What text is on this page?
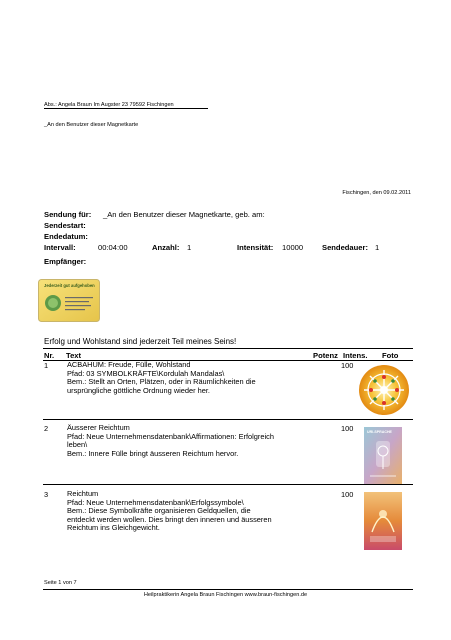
Abs.: Angela Braun Im Augster 23 79592 Fischingen
_An den Benutzer dieser Magnetkarte
Fischingen, den 09.02.2011
Sendung für: _An den Benutzer dieser Magnetkarte, geb. am:
Sendestart:
Endedatum:
Intervall:	00:04:00	Anzahl: 1	Intensität: 10000 Sendedauer: 1
Empfänger:
Jederzeit gut aufgehoben
Erfolg und Wohlstand sind jederzeit Teil meines Seins!
Nr. Text	Potenz Intens. Foto
1	ACBAHUM: Freude, Fülle, Wohlstand
Pfad: 03 SYMBOLKRÄFTE\Kordulah Mandalas\
Bem.: Stellt an Orten, Plätzen, oder in Räumlichkeiten die
ursprüngliche göttliche Ordnung wieder her.
100
2	Äusserer Reichtum
Pfad: Neue Unternehmensdatenbank\Affirmationen: Erfolgreich
leben\
Bem.: Innere Fülle bringt äusseren Reichtum hervor.
100	URI-SPRACHE
3	Reichtum
Pfad: Neue Unternehmensdatenbank\Erfolgssymbole\
Bem.: Diese Symbolkräfte organisieren Geldquellen, die
entdeckt werden wollen. Dies bringt den inneren und äusseren
Reichtum ins Gleichgewicht.
100
Seite 1 von 7
Heilpraktikerin Angela Braun Fischingen www.braun-fischingen.de
